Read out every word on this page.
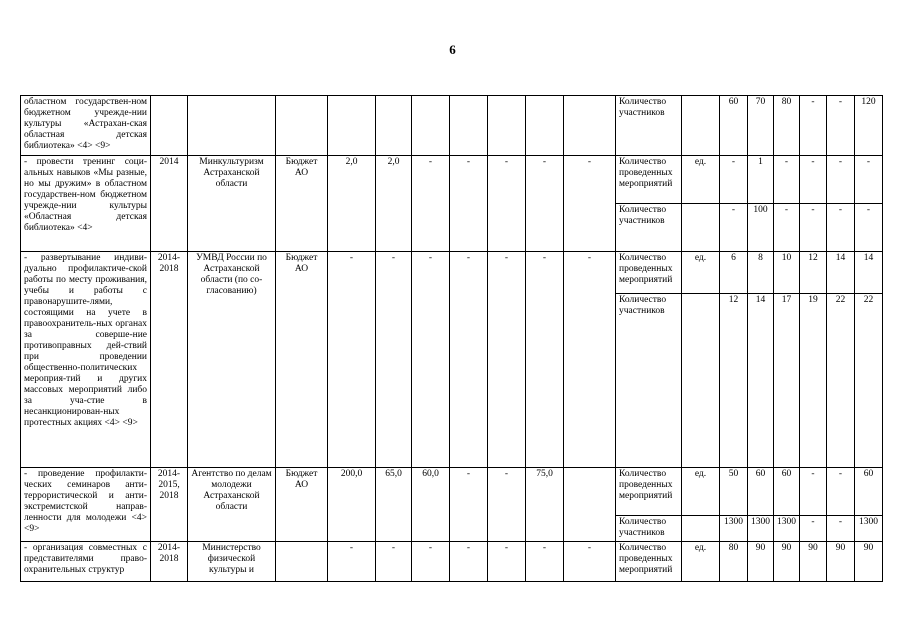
6
областном государствен-ном бюджетном учрежде-нии культуры «Астрахан-ская областная детская библиотека» <4> <9>											Количество участников		60	70	80	-	-	120
- провести тренинг соци-альных навыков «Мы разные, но мы дружим» в областном государствен-ном бюджетном учрежде-нии культуры «Областная детская библиотека» <4>	2014	Минкультуризм Астраханской области	Бюджет АО	2,0	2,0	-	-	-	-	-	Количество проведенных мероприятий	ед.	-	1	-	-	-	-
											Количество участников		-	100	-	-	-	-
- развертывание индиви-дуально профилактиче-ской работы по месту проживания, учебы и работы с правонарушите-лями, состоящими на учете в правоохранитель-ных органах за соверше-ние противоправных дей-ствий при проведении общественно-политических мероприя-тий и других массовых мероприятий либо за уча-стие в несанкционирован-ных протестных акциях <4> <9>	2014-2018	УМВД России по Астраханской области (по со-гласованию)	Бюджет АО	-	-	-	-	-	-	-	Количество проведенных мероприятий	ед.	6	8	10	12	14	14
											Количество участников		12	14	17	19	22	22
- проведение профилакти-ческих семинаров анти-террористической и анти-экстремистской направ-ленности для молодежи <4> <9>	2014-2015, 2018	Агентство по делам молодежи Астраханской области	Бюджет АО	200,0	65,0	60,0	-	-	75,0		Количество проведенных мероприятий	ед.	50	60	60	-	-	60
											Количество участников		1300	1300	1300	-	-	1300
- организация совместных с представителями право-охранительных структур	2014-2018	Министерство физической культуры и		-	-	-	-	-	-	-	Количество проведенных мероприятий	ед.	80	90	90	90	90	90
